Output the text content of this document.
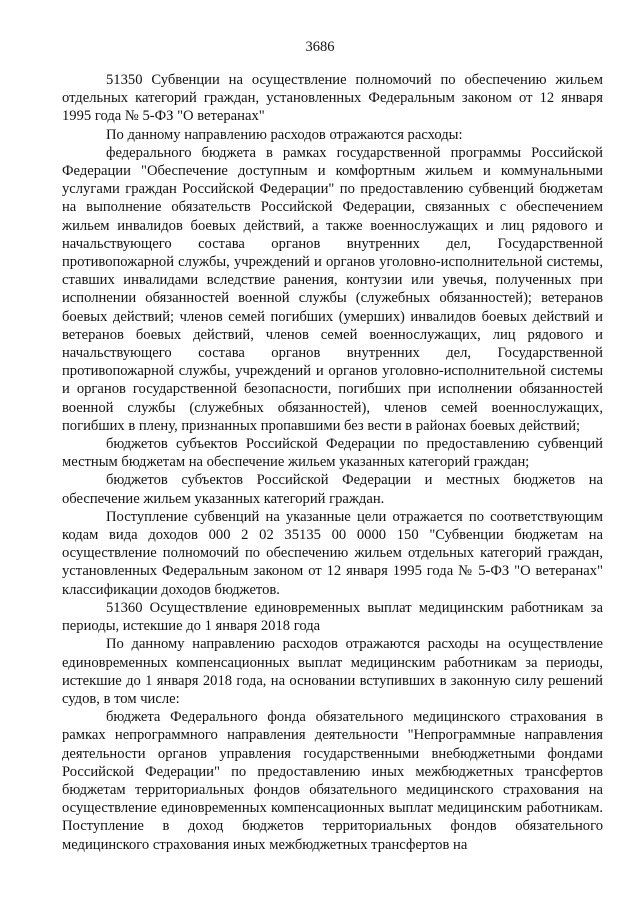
3686

51350 Субвенции на осуществление полномочий по обеспечению жильем отдельных категорий граждан, установленных Федеральным законом от 12 января 1995 года № 5-ФЗ "О ветеранах"

По данному направлению расходов отражаются расходы:

федерального бюджета в рамках государственной программы Российской Федерации "Обеспечение доступным и комфортным жильем и коммунальными услугами граждан Российской Федерации" по предоставлению субвенций бюджетам на выполнение обязательств Российской Федерации, связанных с обеспечением жильем инвалидов боевых действий, а также военнослужащих и лиц рядового и начальствующего состава органов внутренних дел, Государственной противопожарной службы, учреждений и органов уголовно-исполнительной системы, ставших инвалидами вследствие ранения, контузии или увечья, полученных при исполнении обязанностей военной службы (служебных обязанностей); ветеранов боевых действий; членов семей погибших (умерших) инвалидов боевых действий и ветеранов боевых действий, членов семей военнослужащих, лиц рядового и начальствующего состава органов внутренних дел, Государственной противопожарной службы, учреждений и органов уголовно-исполнительной системы и органов государственной безопасности, погибших при исполнении обязанностей военной службы (служебных обязанностей), членов семей военнослужащих, погибших в плену, признанных пропавшими без вести в районах боевых действий;

бюджетов субъектов Российской Федерации по предоставлению субвенций местным бюджетам на обеспечение жильем указанных категорий граждан;

бюджетов субъектов Российской Федерации и местных бюджетов на обеспечение жильем указанных категорий граждан.

Поступление субвенций на указанные цели отражается по соответствующим кодам вида доходов 000 2 02 35135 00 0000 150 "Субвенции бюджетам на осуществление полномочий по обеспечению жильем отдельных категорий граждан, установленных Федеральным законом от 12 января 1995 года № 5-ФЗ "О ветеранах" классификации доходов бюджетов.

51360 Осуществление единовременных выплат медицинским работникам за периоды, истекшие до 1 января 2018 года

По данному направлению расходов отражаются расходы на осуществление единовременных компенсационных выплат медицинским работникам за периоды, истекшие до 1 января 2018 года, на основании вступивших в законную силу решений судов, в том числе:

бюджета Федерального фонда обязательного медицинского страхования в рамках непрограммного направления деятельности "Непрограммные направления деятельности органов управления государственными внебюджетными фондами Российской Федерации" по предоставлению иных межбюджетных трансфертов бюджетам территориальных фондов обязательного медицинского страхования на осуществление единовременных компенсационных выплат медицинским работникам. Поступление в доход бюджетов территориальных фондов обязательного медицинского страхования иных межбюджетных трансфертов на
